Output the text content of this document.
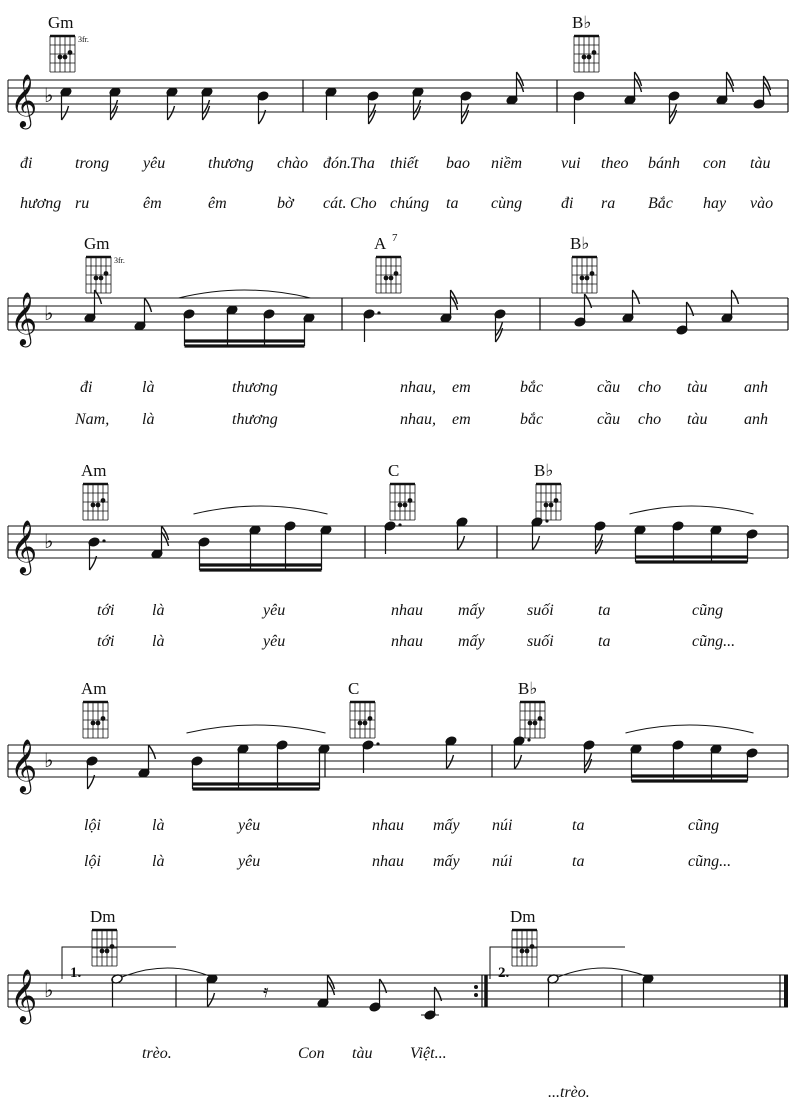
𝄞 ♭
𝄞 ♭
𝄞 ♭
𝄞 ♭
𝄞 ♭	𝄿
Gm
3fr.
B♭
Gm
3fr.
A 7	B♭
Am	C	B♭
Am	C	B♭
Dm	Dm
1.	2.
đi	trong yêu	thương chào đón. Tha thiết bao niềm vui theo bánh con tàu
hương ru	êm	êm	bờ cát. Cho chúng ta cùng đi ra Bắc hay vào
đi	là	thương	nhau, em	bắc	cầu cho tàu anh
Nam, là	thương	nhau, em	bắc	cầu cho tàu anh
tới là	yêu	nhau mấy	suối	ta	cũng
tới là	yêu	nhau mấy	suối	ta	cũng...
lội	là	yêu	nhau mấy núi	ta	cũng
lội	là	yêu	nhau mấy núi	ta	cũng...
trèo.	Con tàu Việt...
...trèo.
